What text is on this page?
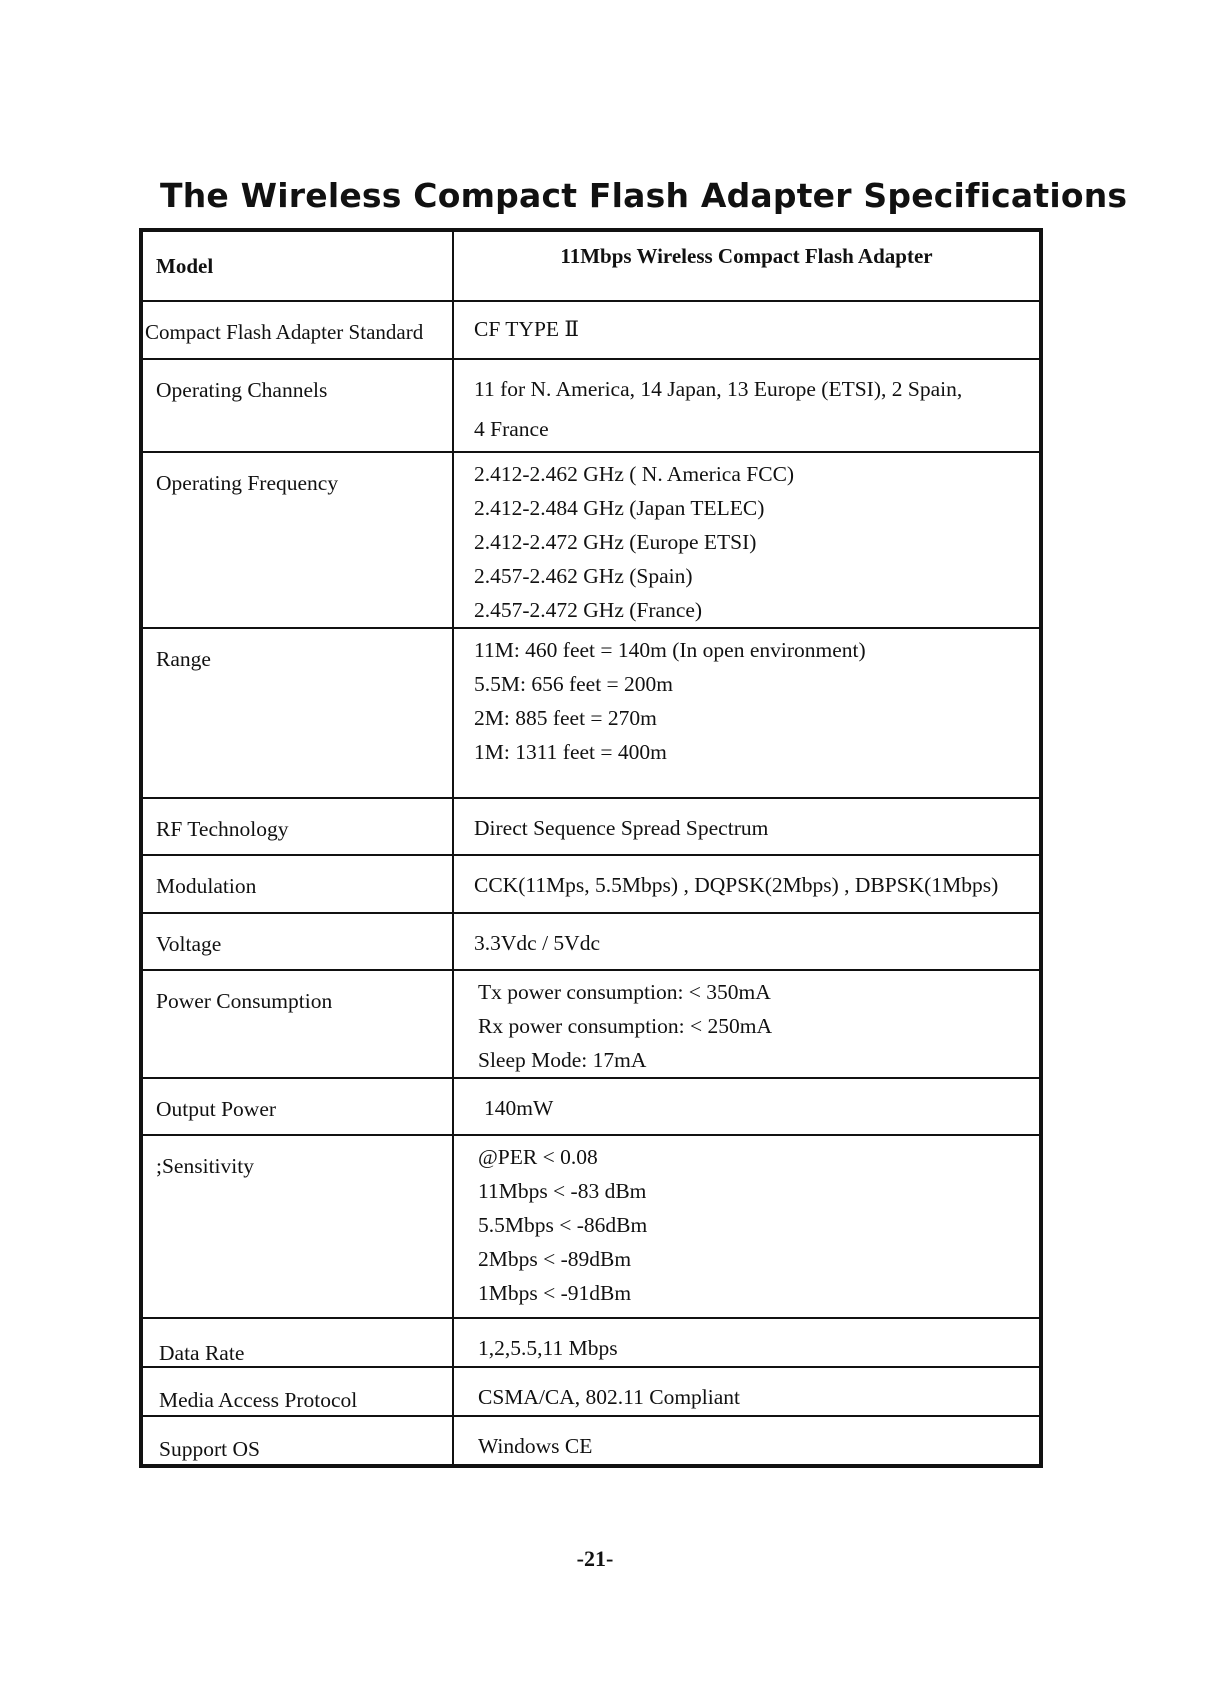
The Wireless Compact Flash Adapter Specifications
Model	11Mbps Wireless Compact Flash Adapter
Compact Flash Adapter Standard	CF TYPE Ⅱ

Operating Channels	11 for N. America, 14 Japan, 13 Europe (ETSI), 2 Spain,
4 France

Operating Frequency	2.412-2.462 GHz ( N. America FCC)
2.412-2.484 GHz (Japan TELEC)
2.412-2.472 GHz (Europe ETSI)
2.457-2.462 GHz (Spain)
2.457-2.472 GHz (France)

Range	11M: 460 feet = 140m (In open environment)
5.5M: 656 feet = 200m
2M: 885 feet = 270m
1M: 1311 feet = 400m

RF Technology	Direct Sequence Spread Spectrum

Modulation	CCK(11Mps, 5.5Mbps) , DQPSK(2Mbps) , DBPSK(1Mbps)

Voltage	3.3Vdc / 5Vdc

Power Consumption	Tx power consumption: < 350mA
Rx power consumption: < 250mA
Sleep Mode: 17mA

Output Power	140mW

;Sensitivity	@PER < 0.08
11Mbps < -83 dBm
5.5Mbps < -86dBm
2Mbps < -89dBm
1Mbps < -91dBm

Data Rate	1,2,5.5,11 Mbps

Media Access Protocol	CSMA/CA, 802.11 Compliant

Support OS	Windows CE
-21-
